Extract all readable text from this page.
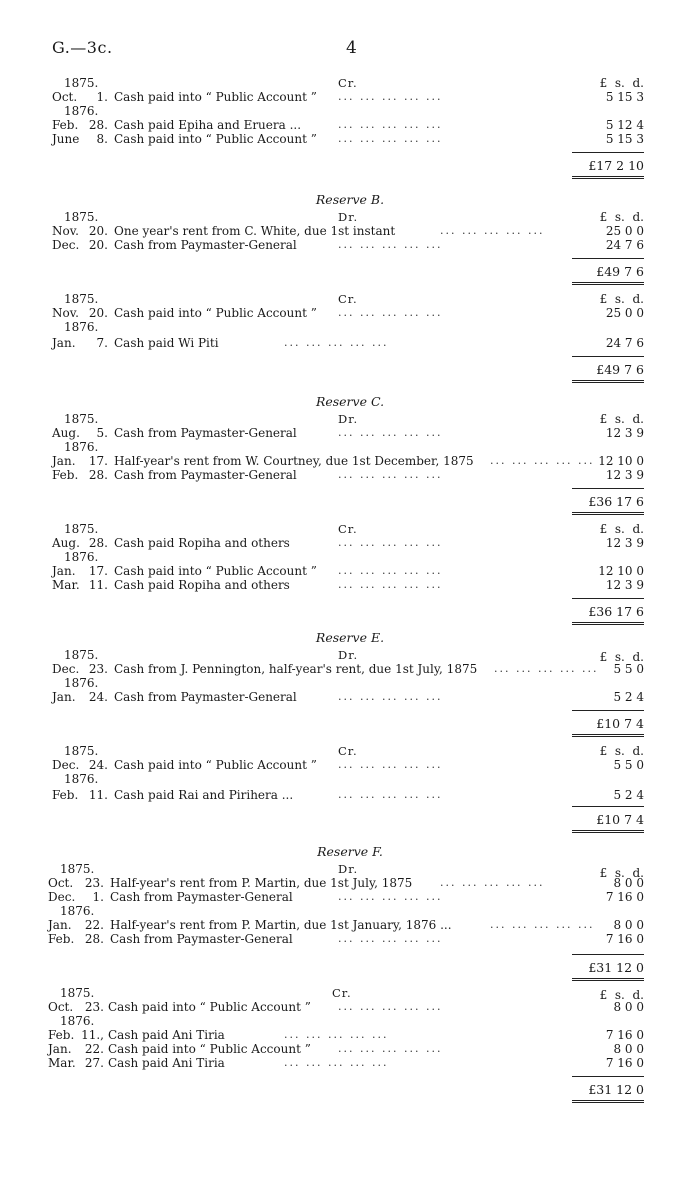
G.—3c.	4
Cr.	£ s. d.
1875.
Oct.	1. Cash paid into “ Public Account ” ... ... ... ... ...	5 15 3
1876.
Feb. 28. Cash paid Epiha and Eruera ...	... ... ... ... ...	5 12 4
June	8. Cash paid into “ Public Account ” ... ... ... ... ...	5 15 3
£17 2 10
Reserve B.
Dr.	£ s. d.
1875.
Nov. 20. One year's rent from C. White, due 1st instant	... ... ... ... ...	25 0 0
Dec. 20. Cash from Paymaster-General	... ... ... ... ...	24 7 6
£49 7 6
Cr.	£ s. d.
1875.
Nov. 20. Cash paid into “ Public Account ” ... ... ... ... ...	25 0 0
1876.
Jan.	7. Cash paid Wi Piti	... ... ... ... ...	24 7 6
£49 7 6
Reserve C.
Dr.	£ s. d.
1875.
Aug.	5. Cash from Paymaster-General	... ... ... ... ...	12 3 9
1876.
Jan.	17. Half-year's rent from W. Courtney, due 1st December, 1875 ... ... ... ... ... 12 10 0
Feb. 28. Cash from Paymaster-General	... ... ... ... ...	12 3 9
£36 17 6
Cr.	£ s. d.
1875.
Aug. 28. Cash paid Ropiha and others	... ... ... ... ...	12 3 9
1876.
Jan.	17. Cash paid into “ Public Account ” ... ... ... ... ...	12 10 0
Mar. 11. Cash paid Ropiha and others	... ... ... ... ...	12 3 9
£36 17 6
Reserve E.
Dr.	£ s. d.
1875.
Dec. 23. Cash from J. Pennington, half-year's rent, due 1st July, 1875 ... ... ... ... ...	5 5 0
1876.
Jan.	24. Cash from Paymaster-General	... ... ... ... ...	5 2 4
£10 7 4
Cr.	£ s. d.
1875.
Dec. 24. Cash paid into “ Public Account ” ... ... ... ... ...	5 5 0
1876.
Feb. 11. Cash paid Rai and Pirihera ...	... ... ... ... ...	5 2 4
£10 7 4
Reserve F.
Dr.	£ s. d.
1875.
Oct. 23. Half-year's rent from P. Martin, due 1st July, 1875	... ... ... ... ...	8 0 0
Dec.	1. Cash from Paymaster-General	... ... ... ... ...	7 16 0
1876.
Jan.	22. Half-year's rent from P. Martin, due 1st January, 1876 ...	... ... ... ... ...	8 0 0
Feb. 28. Cash from Paymaster-General	... ... ... ... ...	7 16 0
£31 12 0
Cr.	£ s. d.
1875.
Oct. 23. Cash paid into “ Public Account ” ... ... ... ... ...	8 0 0
1876.
Feb. 11., Cash paid Ani Tiria	... ... ... ... ...	7 16 0
Jan.	22. Cash paid into “ Public Account ” ... ... ... ... ...	8 0 0
Mar. 27. Cash paid Ani Tiria	... ... ... ... ...	7 16 0
£31 12 0
